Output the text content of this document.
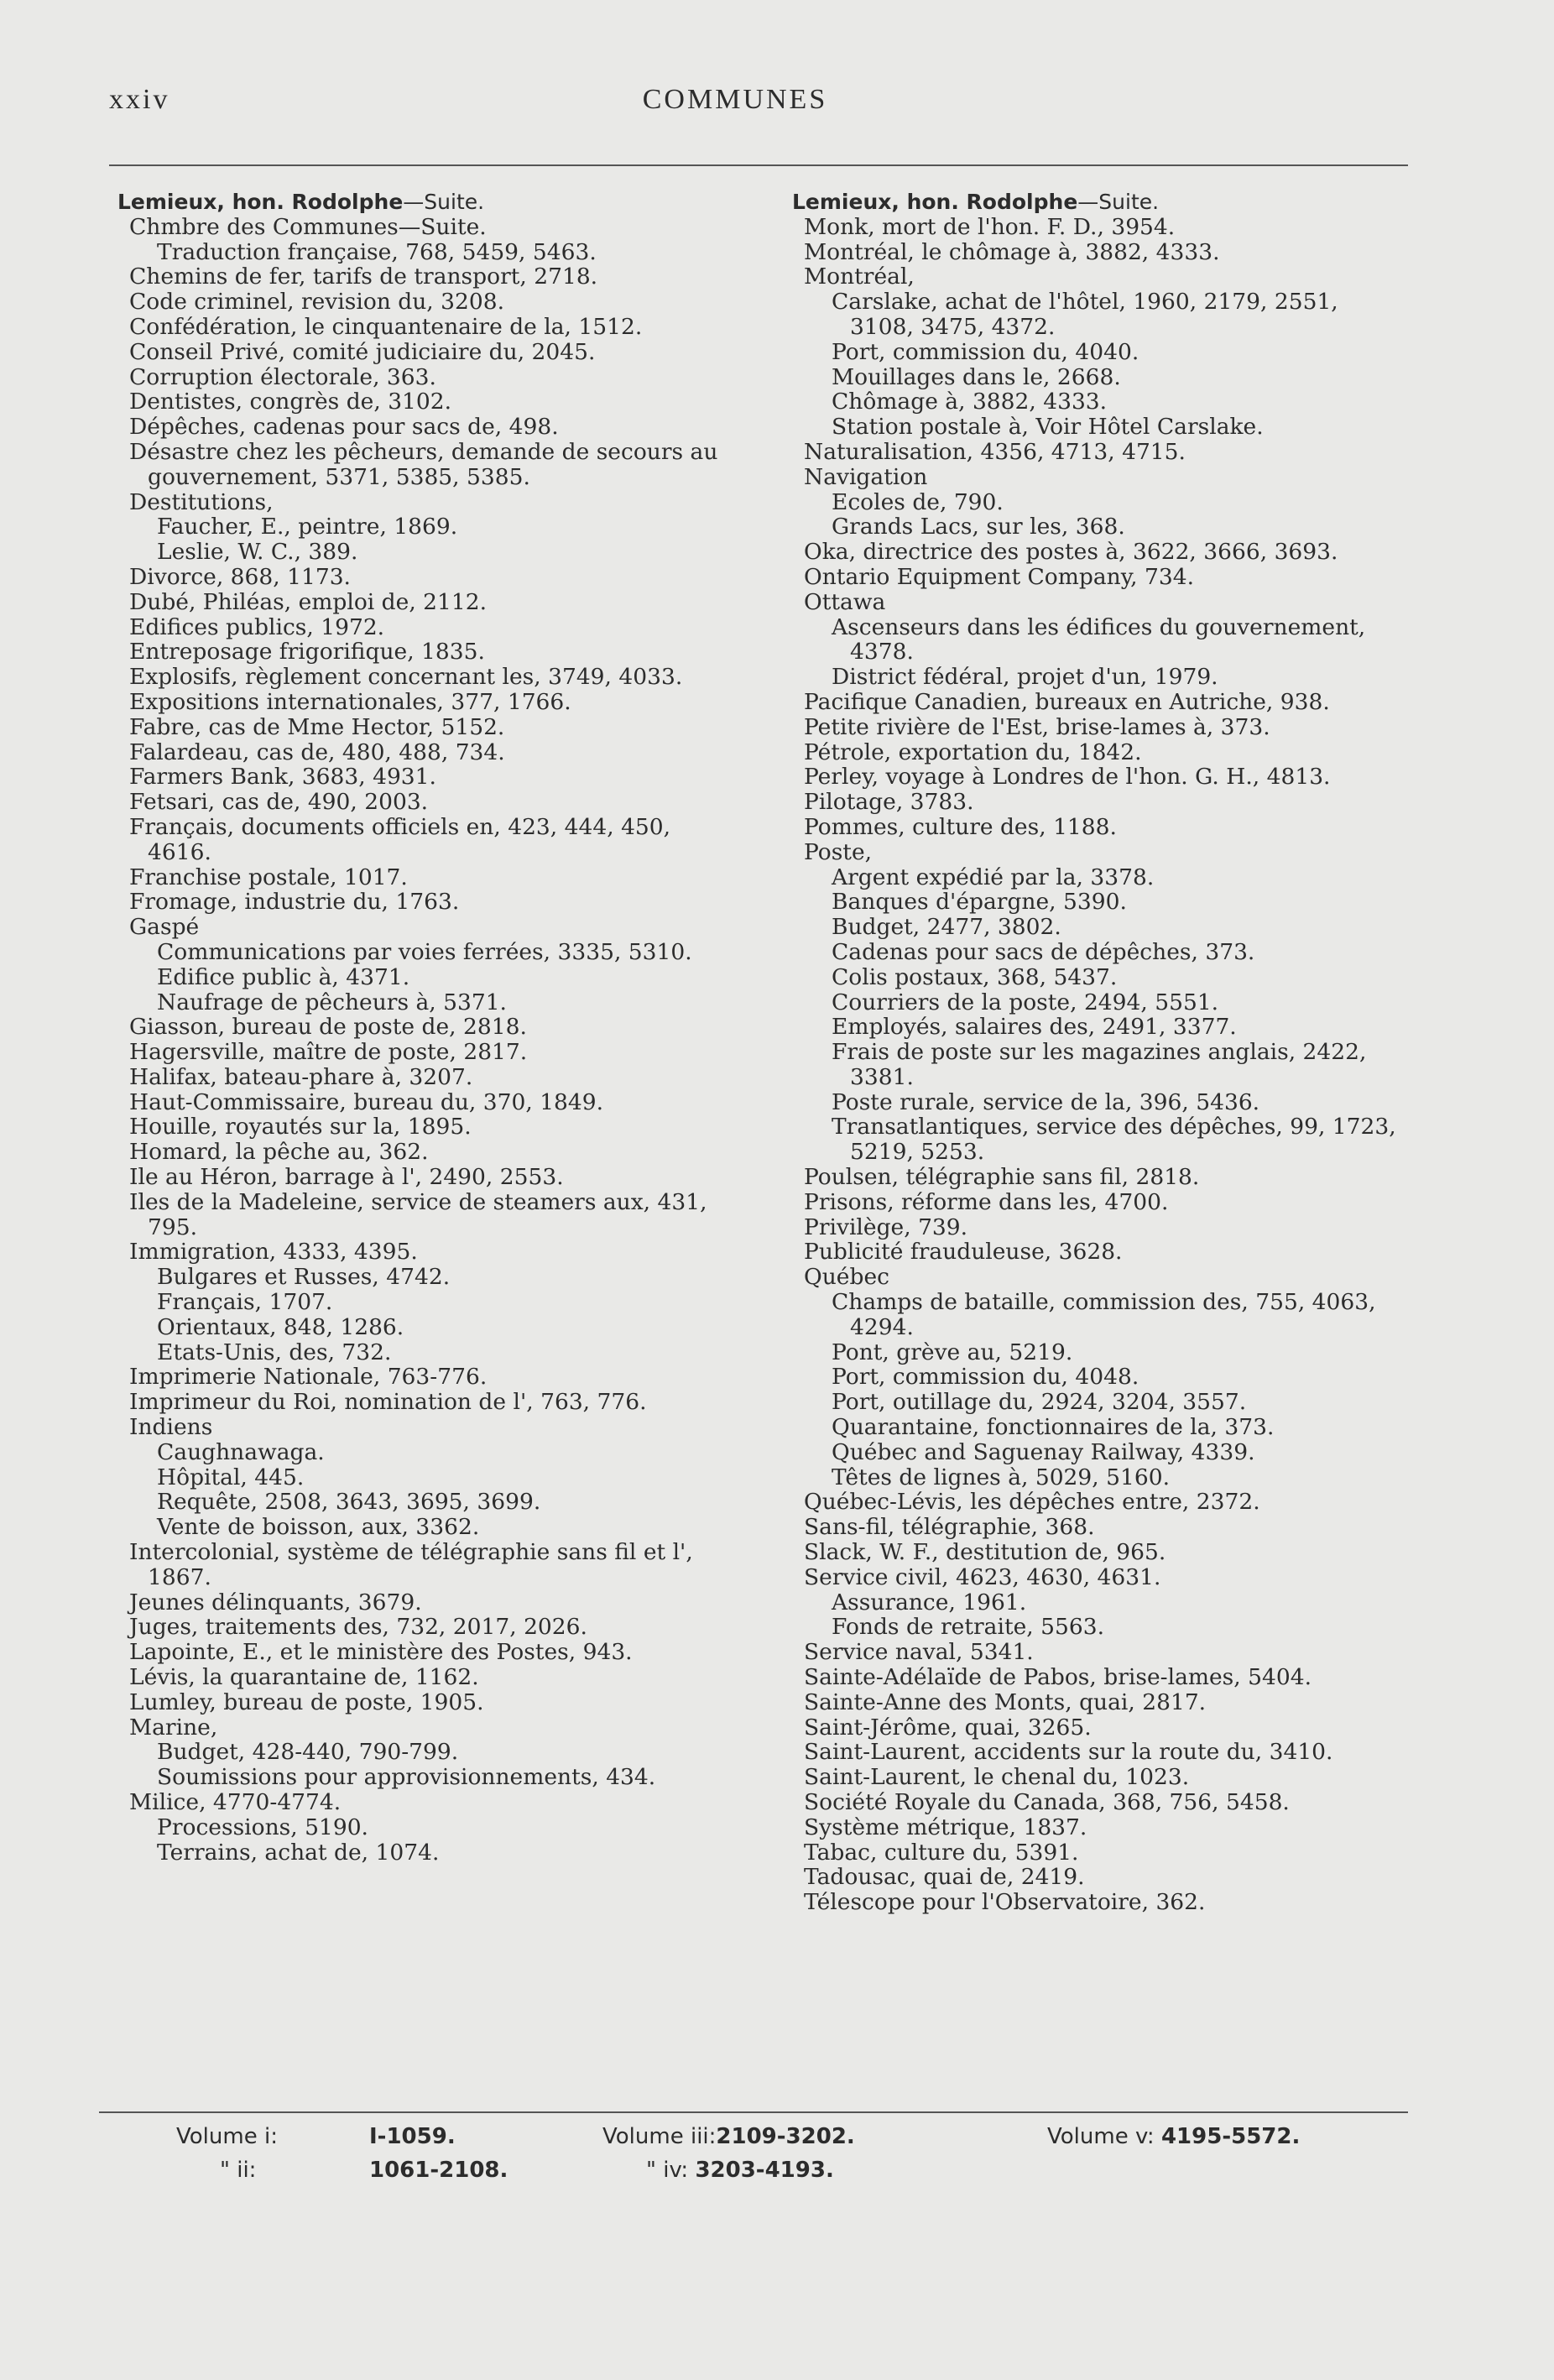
xxiv	COMMUNES

Lemieux, hon. Rodolphe—Suite.

Chmbre des Communes—Suite.

Traduction française, 768, 5459, 5463.

Chemins de fer, tarifs de transport, 2718.

Code criminel, revision du, 3208.

Confédération, le cinquantenaire de la, 1512.

Conseil Privé, comité judiciaire du, 2045.

Corruption électorale, 363.

Dentistes, congrès de, 3102.

Dépêches, cadenas pour sacs de, 498.

Désastre chez les pêcheurs, demande de secours au gouvernement, 5371, 5385, 5385.

Destitutions,

Faucher, E., peintre, 1869.

Leslie, W. C., 389.

Divorce, 868, 1173.

Dubé, Philéas, emploi de, 2112.

Edifices publics, 1972.

Entreposage frigorifique, 1835.

Explosifs, règlement concernant les, 3749, 4033.

Expositions internationales, 377, 1766.

Fabre, cas de Mme Hector, 5152.

Falardeau, cas de, 480, 488, 734.

Farmers Bank, 3683, 4931.

Fetsari, cas de, 490, 2003.

Français, documents officiels en, 423, 444, 450, 4616.

Franchise postale, 1017.

Fromage, industrie du, 1763.

Gaspé

Communications par voies ferrées, 3335, 5310.

Edifice public à, 4371.

Naufrage de pêcheurs à, 5371.

Giasson, bureau de poste de, 2818.

Hagersville, maître de poste, 2817.

Halifax, bateau-phare à, 3207.

Haut-Commissaire, bureau du, 370, 1849.

Houille, royautés sur la, 1895.

Homard, la pêche au, 362.

Ile au Héron, barrage à l', 2490, 2553.

Iles de la Madeleine, service de steamers aux, 431, 795.

Immigration, 4333, 4395.

Bulgares et Russes, 4742.

Français, 1707.

Orientaux, 848, 1286.

Etats-Unis, des, 732.

Imprimerie Nationale, 763-776.

Imprimeur du Roi, nomination de l', 763, 776.

Indiens

Caughnawaga.

Hôpital, 445.

Requête, 2508, 3643, 3695, 3699.

Vente de boisson, aux, 3362.

Intercolonial, système de télégraphie sans fil et l', 1867.

Jeunes délinquants, 3679.

Juges, traitements des, 732, 2017, 2026.

Lapointe, E., et le ministère des Postes, 943.

Lévis, la quarantaine de, 1162.

Lumley, bureau de poste, 1905.

Marine,

Budget, 428-440, 790-799.

Soumissions pour approvisionnements, 434.

Milice, 4770-4774.

Processions, 5190.

Terrains, achat de, 1074.

Lemieux, hon. Rodolphe—Suite.

Monk, mort de l'hon. F. D., 3954.

Montréal, le chômage à, 3882, 4333.

Montréal,

Carslake, achat de l'hôtel, 1960, 2179, 2551, 3108, 3475, 4372.

Port, commission du, 4040.

Mouillages dans le, 2668.

Chômage à, 3882, 4333.

Station postale à, Voir Hôtel Carslake.

Naturalisation, 4356, 4713, 4715.

Navigation

Ecoles de, 790.

Grands Lacs, sur les, 368.

Oka, directrice des postes à, 3622, 3666, 3693.

Ontario Equipment Company, 734.

Ottawa

Ascenseurs dans les édifices du gouvernement, 4378.

District fédéral, projet d'un, 1979.

Pacifique Canadien, bureaux en Autriche, 938.

Petite rivière de l'Est, brise-lames à, 373.

Pétrole, exportation du, 1842.

Perley, voyage à Londres de l'hon. G. H., 4813.

Pilotage, 3783.

Pommes, culture des, 1188.

Poste,

Argent expédié par la, 3378.

Banques d'épargne, 5390.

Budget, 2477, 3802.

Cadenas pour sacs de dépêches, 373.

Colis postaux, 368, 5437.

Courriers de la poste, 2494, 5551.

Employés, salaires des, 2491, 3377.

Frais de poste sur les magazines anglais, 2422, 3381.

Poste rurale, service de la, 396, 5436.

Transatlantiques, service des dépêches, 99, 1723, 5219, 5253.

Poulsen, télégraphie sans fil, 2818.

Prisons, réforme dans les, 4700.

Privilège, 739.

Publicité frauduleuse, 3628.

Québec

Champs de bataille, commission des, 755, 4063, 4294.

Pont, grève au, 5219.

Port, commission du, 4048.

Port, outillage du, 2924, 3204, 3557.

Quarantaine, fonctionnaires de la, 373.

Québec and Saguenay Railway, 4339.

Têtes de lignes à, 5029, 5160.

Québec-Lévis, les dépêches entre, 2372.

Sans-fil, télégraphie, 368.

Slack, W. F., destitution de, 965.

Service civil, 4623, 4630, 4631.

Assurance, 1961.

Fonds de retraite, 5563.

Service naval, 5341.

Sainte-Adélaïde de Pabos, brise-lames, 5404.

Sainte-Anne des Monts, quai, 2817.

Saint-Jérôme, quai, 3265.

Saint-Laurent, accidents sur la route du, 3410.

Saint-Laurent, le chenal du, 1023.

Société Royale du Canada, 368, 756, 5458.

Système métrique, 1837.

Tabac, culture du, 5391.

Tadousac, quai de, 2419.

Télescope pour l'Observatoire, 362.

Volume i:	I-1059.
" ii:	1061-2108.
Volume iii:2109-3202.
" iv: 3203-4193.
Volume v: 4195-5572.
